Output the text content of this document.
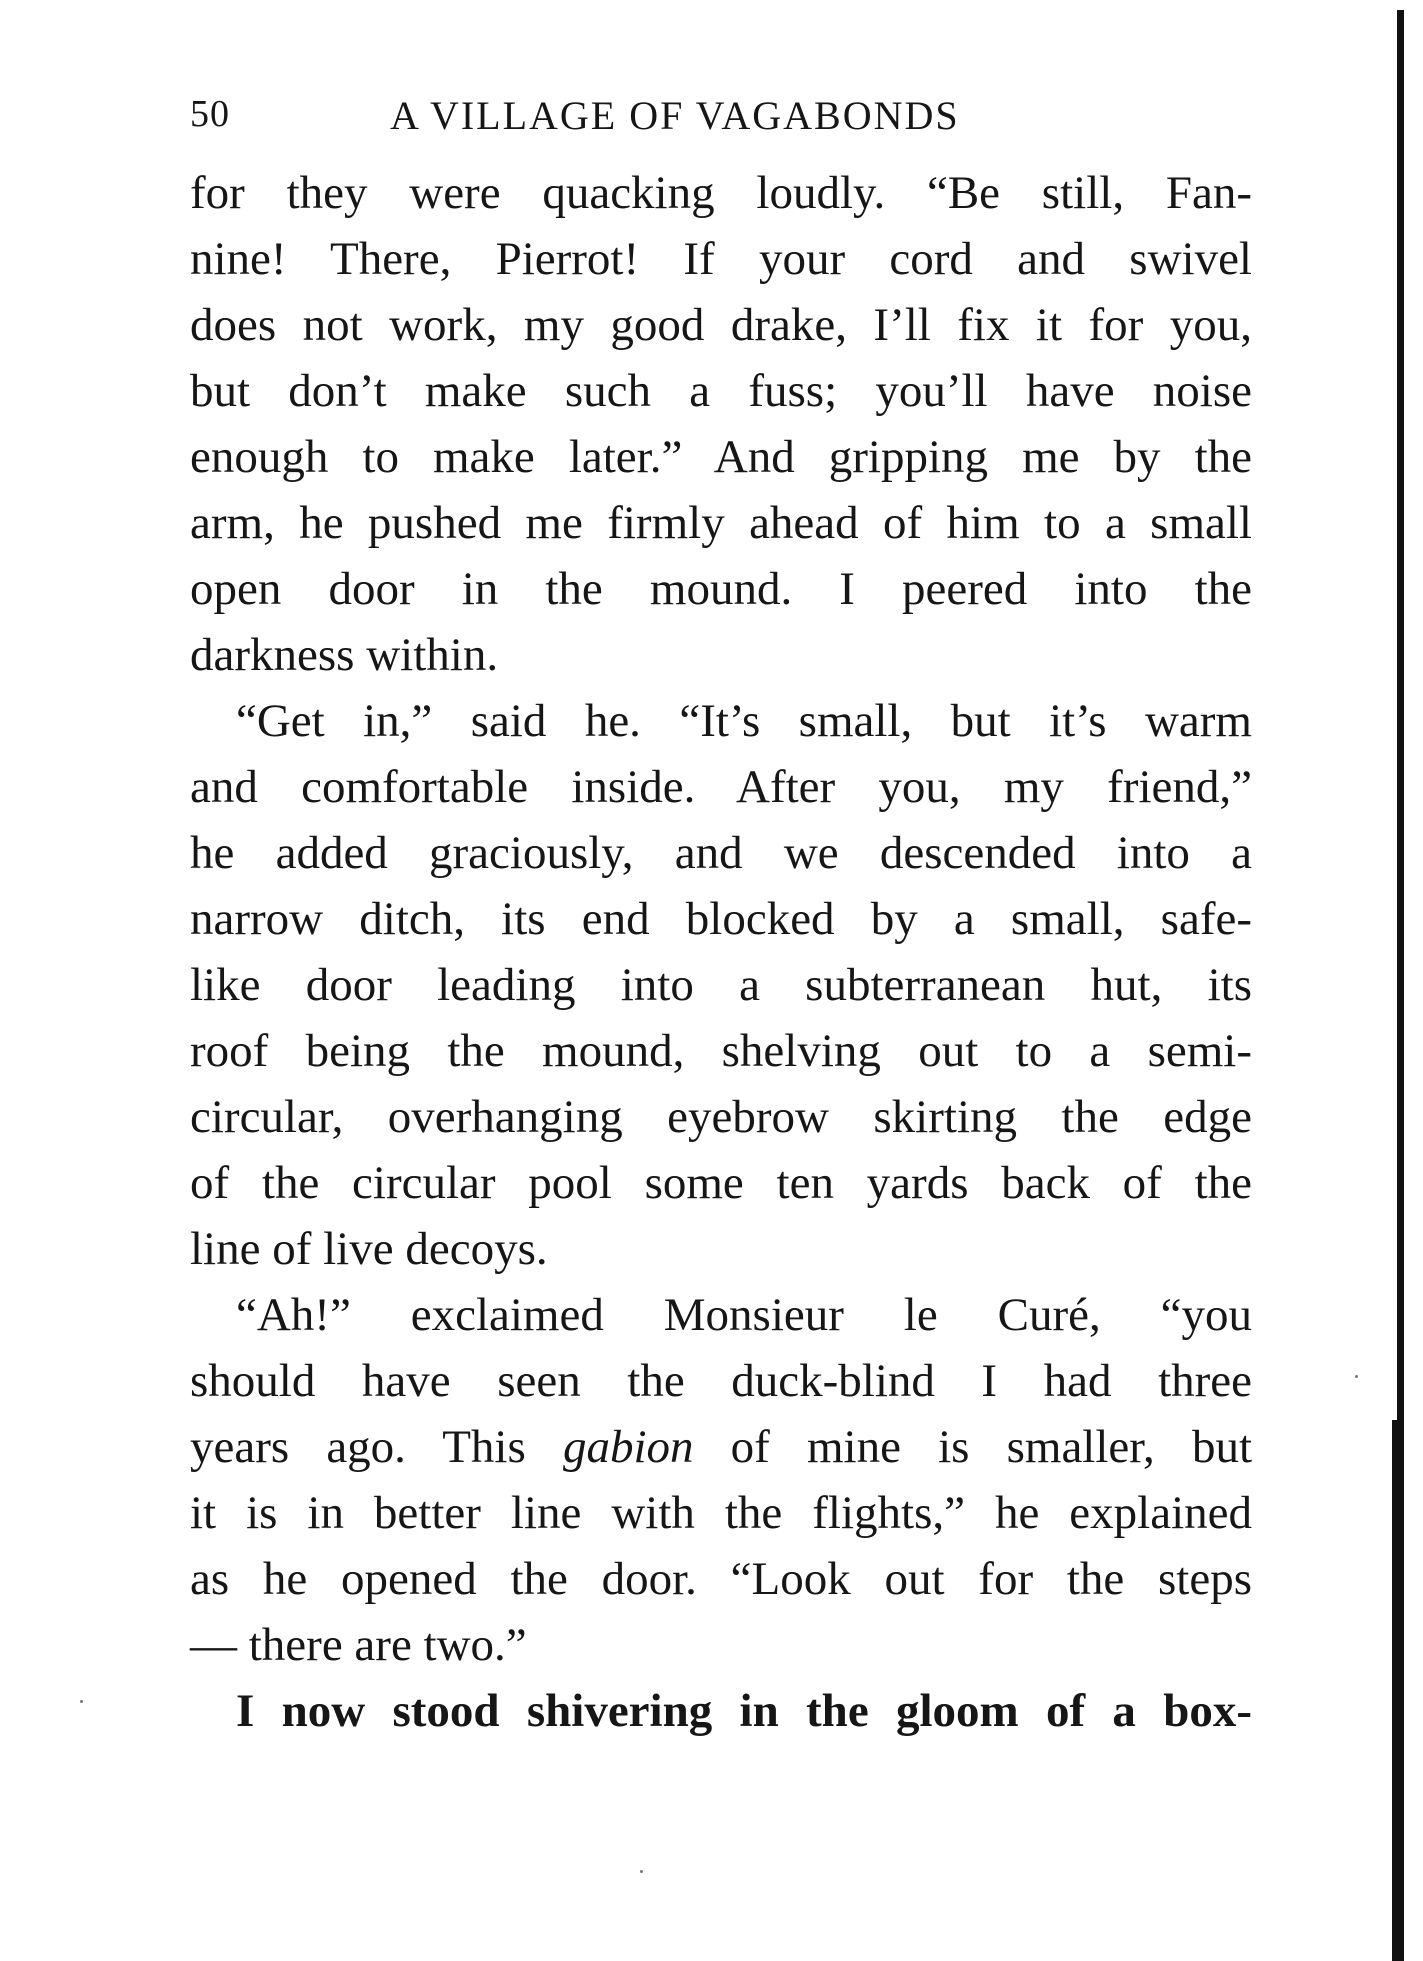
50	A VILLAGE OF VAGABONDS
for they were quacking loudly. “Be still, Fan-
nine! There, Pierrot! If your cord and swivel
does not work, my good drake, I’ll fix it for you,
but don’t make such a fuss; you’ll have noise
enough to make later.” And gripping me by the
arm, he pushed me firmly ahead of him to a small
open door in the mound. I peered into the
darkness within.
“Get in,” said he. “It’s small, but it’s warm
and comfortable inside. After you, my friend,”
he added graciously, and we descended into a
narrow ditch, its end blocked by a small, safe-
like door leading into a subterranean hut, its
roof being the mound, shelving out to a semi-
circular, overhanging eyebrow skirting the edge
of the circular pool some ten yards back of the
line of live decoys.
“Ah!” exclaimed Monsieur le Curé, “you
should have seen the duck-blind I had three
years ago. This gabion of mine is smaller, but
it is in better line with the flights,” he explained
as he opened the door. “Look out for the steps
— there are two.”
I now stood shivering in the gloom of a box-
